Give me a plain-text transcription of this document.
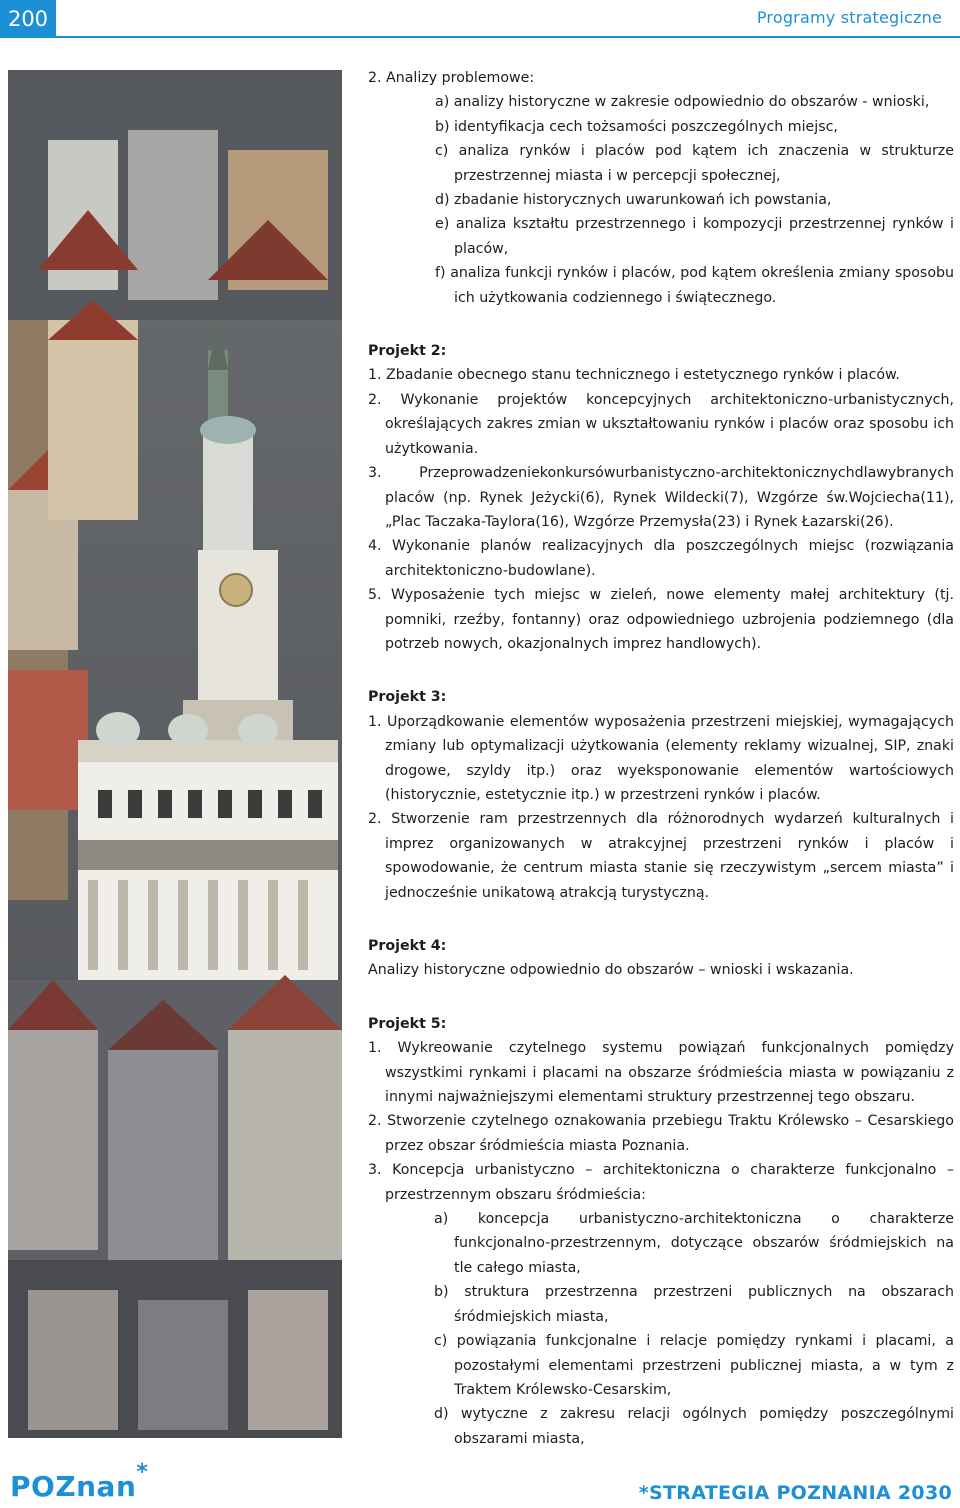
200	Programy strategiczne

2. Analizy problemowe:

a) analizy historyczne w zakresie odpowiednio do obszarów - wnioski,

b) identyfikacja cech tożsamości poszczególnych miejsc,

c) analiza rynków i placów pod kątem ich znaczenia w strukturze przestrzennej miasta i w percepcji społecznej,

d) zbadanie historycznych uwarunkowań ich powstania,

e) analiza kształtu przestrzennego i kompozycji przestrzennej rynków i placów,

f) analiza funkcji rynków i placów, pod kątem określenia zmiany sposobu ich użytkowania codziennego i świątecznego.

Projekt 2:

1. Zbadanie obecnego stanu technicznego i estetycznego rynków i placów.

2. Wykonanie projektów koncepcyjnych architektoniczno-urbanistycznych, określających zakres zmian w ukształtowaniu rynków i placów oraz sposobu ich użytkowania.

3. Przeprowadzeniekonkursówurbanistyczno-architektonicznychdlawybranych placów (np. Rynek Jeżycki(6), Rynek Wildecki(7), Wzgórze św.Wojciecha(11), „Plac Taczaka-Taylora(16), Wzgórze Przemysła(23) i Rynek Łazarski(26).

4. Wykonanie planów realizacyjnych dla poszczególnych miejsc (rozwiązania architektoniczno-budowlane).

5. Wyposażenie tych miejsc w zieleń, nowe elementy małej architektury (tj. pomniki, rzeźby, fontanny) oraz odpowiedniego uzbrojenia podziemnego (dla potrzeb nowych, okazjonalnych imprez handlowych).

Projekt 3:

1. Uporządkowanie elementów wyposażenia przestrzeni miejskiej, wymagających zmiany lub optymalizacji użytkowania (elementy reklamy wizualnej, SIP, znaki drogowe, szyldy itp.) oraz wyeksponowanie elementów wartościowych (historycznie, estetycznie itp.) w przestrzeni rynków i placów.

2. Stworzenie ram przestrzennych dla różnorodnych wydarzeń kulturalnych i imprez organizowanych w atrakcyjnej przestrzeni rynków i placów i spowodowanie, że centrum miasta stanie się rzeczywistym „sercem miasta” i jednocześnie unikatową atrakcją turystyczną.

Projekt 4:

Analizy historyczne odpowiednio do obszarów – wnioski i wskazania.

Projekt 5:

1. Wykreowanie czytelnego systemu powiązań funkcjonalnych pomiędzy wszystkimi rynkami i placami na obszarze śródmieścia miasta w powiązaniu z innymi najważniejszymi elementami struktury przestrzennej tego obszaru.

2. Stworzenie czytelnego oznakowania przebiegu Traktu Królewsko – Cesarskiego przez obszar śródmieścia miasta Poznania.

3. Koncepcja urbanistyczno – architektoniczna o charakterze funkcjonalno – przestrzennym obszaru śródmieścia:

a) koncepcja urbanistyczno-architektoniczna o charakterze funkcjonalno-przestrzennym, dotyczące obszarów śródmiejskich na tle całego miasta,

b) struktura przestrzenna przestrzeni publicznych na obszarach śródmiejskich miasta,

c) powiązania funkcjonalne i relacje pomiędzy rynkami i placami, a pozostałymi elementami przestrzeni publicznej miasta, a w tym z Traktem Królewsko-Cesarskim,

d) wytyczne z zakresu relacji ogólnych pomiędzy poszczególnymi obszarami miasta,

POZnan*
*STRATEGIA POZNANIA 2030
